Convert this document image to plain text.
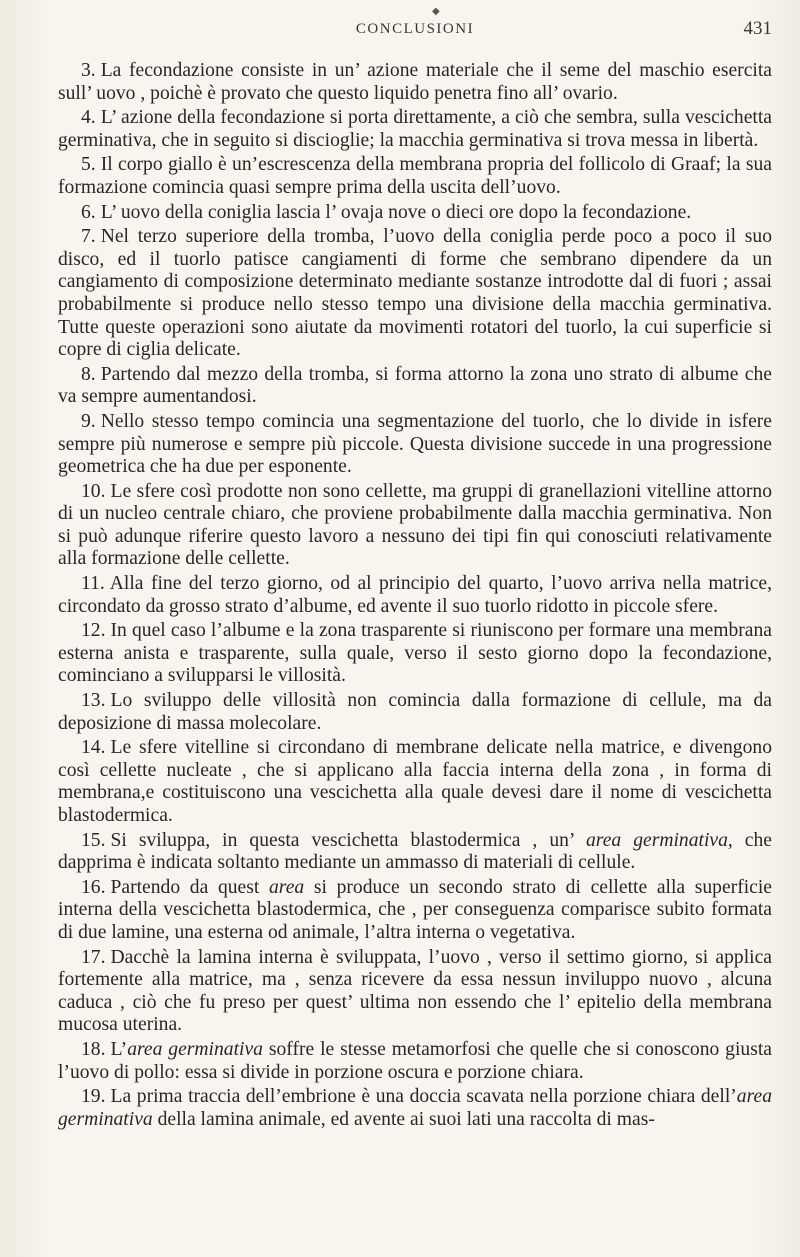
◆
CONCLUSIONI	431

3. La fecondazione consiste in un’ azione materiale che il seme del maschio esercita sull’ uovo , poichè è provato che questo liquido penetra fino all’ ovario.

4. L’ azione della fecondazione si porta direttamente, a ciò che sembra, sulla vescichetta germinativa, che in seguito si discioglie; la macchia germinativa si trova messa in libertà.

5. Il corpo giallo è un’escrescenza della membrana propria del follicolo di Graaf; la sua formazione comincia quasi sempre prima della uscita dell’uovo.

6. L’ uovo della coniglia lascia l’ ovaja nove o dieci ore dopo la fecondazione.

7. Nel terzo superiore della tromba, l’uovo della coniglia perde poco a poco il suo disco, ed il tuorlo patisce cangiamenti di forme che sembrano dipendere da un cangiamento di composizione determinato mediante sostanze introdotte dal di fuori ; assai probabilmente si produce nello stesso tempo una divisione della macchia germinativa. Tutte queste operazioni sono aiutate da movimenti rotatori del tuorlo, la cui superficie si copre di ciglia delicate.

8. Partendo dal mezzo della tromba, si forma attorno la zona uno strato di albume che va sempre aumentandosi.

9. Nello stesso tempo comincia una segmentazione del tuorlo, che lo divide in isfere sempre più numerose e sempre più piccole. Questa divisione succede in una progressione geometrica che ha due per esponente.

10. Le sfere così prodotte non sono cellette, ma gruppi di granellazioni vitelline attorno di un nucleo centrale chiaro, che proviene probabilmente dalla macchia germinativa. Non si può adunque riferire questo lavoro a nessuno dei tipi fin qui conosciuti relativamente alla formazione delle cellette.

11. Alla fine del terzo giorno, od al principio del quarto, l’uovo arriva nella matrice, circondato da grosso strato d’albume, ed avente il suo tuorlo ridotto in piccole sfere.

12. In quel caso l’albume e la zona trasparente si riuniscono per formare una membrana esterna anista e trasparente, sulla quale, verso il sesto giorno dopo la fecondazione, cominciano a svilupparsi le villosità.

13. Lo sviluppo delle villosità non comincia dalla formazione di cellule, ma da deposizione di massa molecolare.

14. Le sfere vitelline si circondano di membrane delicate nella matrice, e divengono così cellette nucleate , che si applicano alla faccia interna della zona , in forma di membrana,e costituiscono una vescichetta alla quale devesi dare il nome di vescichetta blastodermica.

15. Si sviluppa, in questa vescichetta blastodermica , un’ area germinativa, che dapprima è indicata soltanto mediante un ammasso di materiali di cellule.

16. Partendo da quest area si produce un secondo strato di cellette alla superficie interna della vescichetta blastodermica, che , per conseguenza comparisce subito formata di due lamine, una esterna od animale, l’altra interna o vegetativa.

17. Dacchè la lamina interna è sviluppata, l’uovo , verso il settimo giorno, si applica fortemente alla matrice, ma , senza ricevere da essa nessun inviluppo nuovo , alcuna caduca , ciò che fu preso per quest’ ultima non essendo che l’ epitelio della membrana mucosa uterina.

18. L’area germinativa soffre le stesse metamorfosi che quelle che si conoscono giusta l’uovo di pollo: essa si divide in porzione oscura e porzione chiara.

19. La prima traccia dell’embrione è una doccia scavata nella porzione chiara dell’area germinativa della lamina animale, ed avente ai suoi lati una raccolta di mas-
